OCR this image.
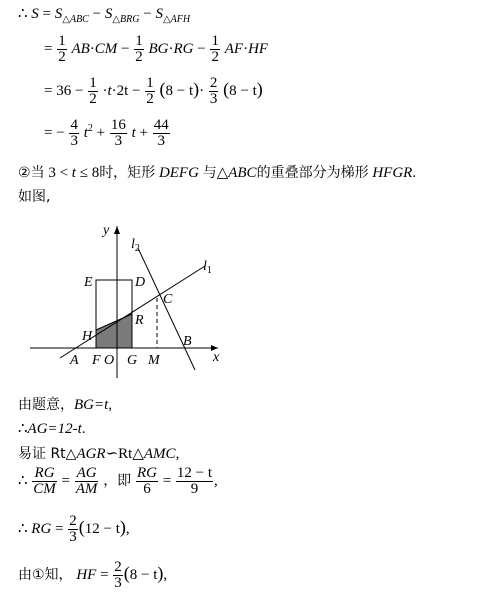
∴ $S = S_{\triangle ABC} - S_{\triangle BRG} - S_{\triangle AFH}$
= $\frac{1}{2} AB\cdot CM - \frac{1}{2} BG\cdot RG - \frac{1}{2} AF\cdot HF$
= $36 - \frac{1}{2} \cdot t\cdot 2t - \frac{1}{2} (8 - t)\cdot \frac{2}{3} (8 - t)$
= − $\frac{4}{3} t^2 + \frac{16}{3}$ $t + \frac{44}{3}$
②当 3 < t ≤ 8时，矩形 DEFG 与△ABC的重叠部分为梯形 HFGR.
如图,
y
x
$l_2$
$l_1$
E	D
C
R
H	B
A F O G M
由题意，BG=t,
∴AG=12-t.
易证 Rt△AGR∽Rt△AMC,
∴ $\frac{RG}{CM} = \frac{AG}{AM}$ ，即 $\frac{RG}{6} = \frac{12 - t}{9}$ ,
∴ RG = $\frac{2}{3} (12 - t)$,
由①知， HF = $\frac{2}{3} (8 - t)$,
